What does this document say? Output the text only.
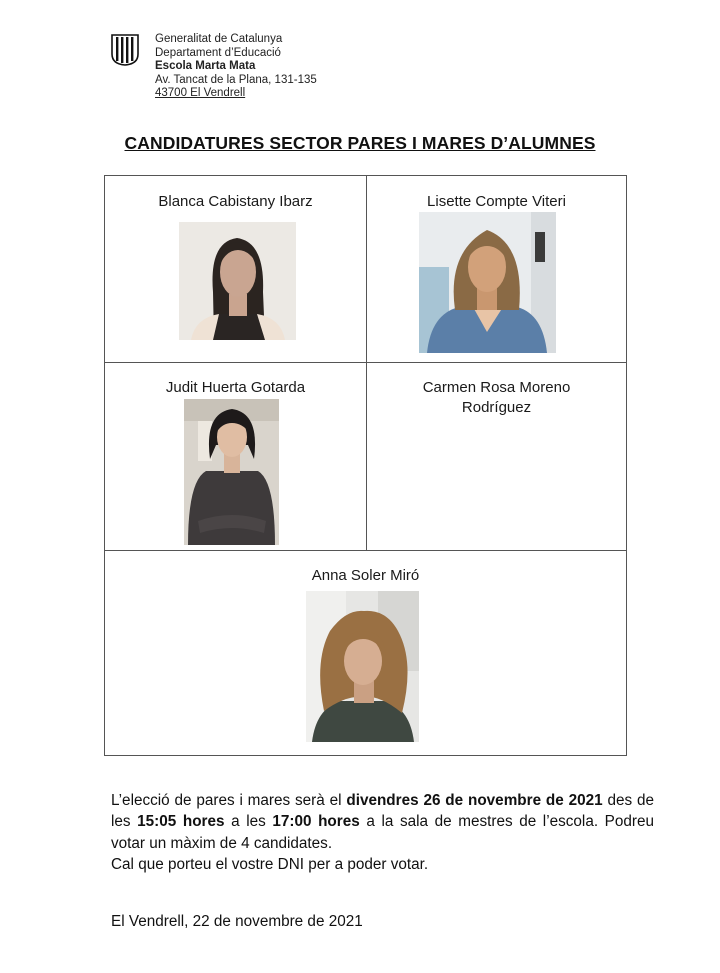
Generalitat de Catalunya
Departament d’Educació
Escola Marta Mata
Av. Tancat de la Plana, 131-135
43700 El Vendrell
CANDIDATURES SECTOR PARES I MARES D’ALUMNES
Blanca Cabistany Ibarz	Lisette Compte Viteri
Judit Huerta Gotarda	Carmen Rosa Moreno
Rodríguez
Anna Soler Miró
L’elecció de pares i mares serà el divendres 26 de novembre de 2021 des de les 15:05 hores a les 17:00 hores a la sala de mestres de l’escola. Podreu votar un màxim de 4 candidates.
Cal que porteu el vostre DNI per a poder votar.
El Vendrell, 22 de novembre de 2021
